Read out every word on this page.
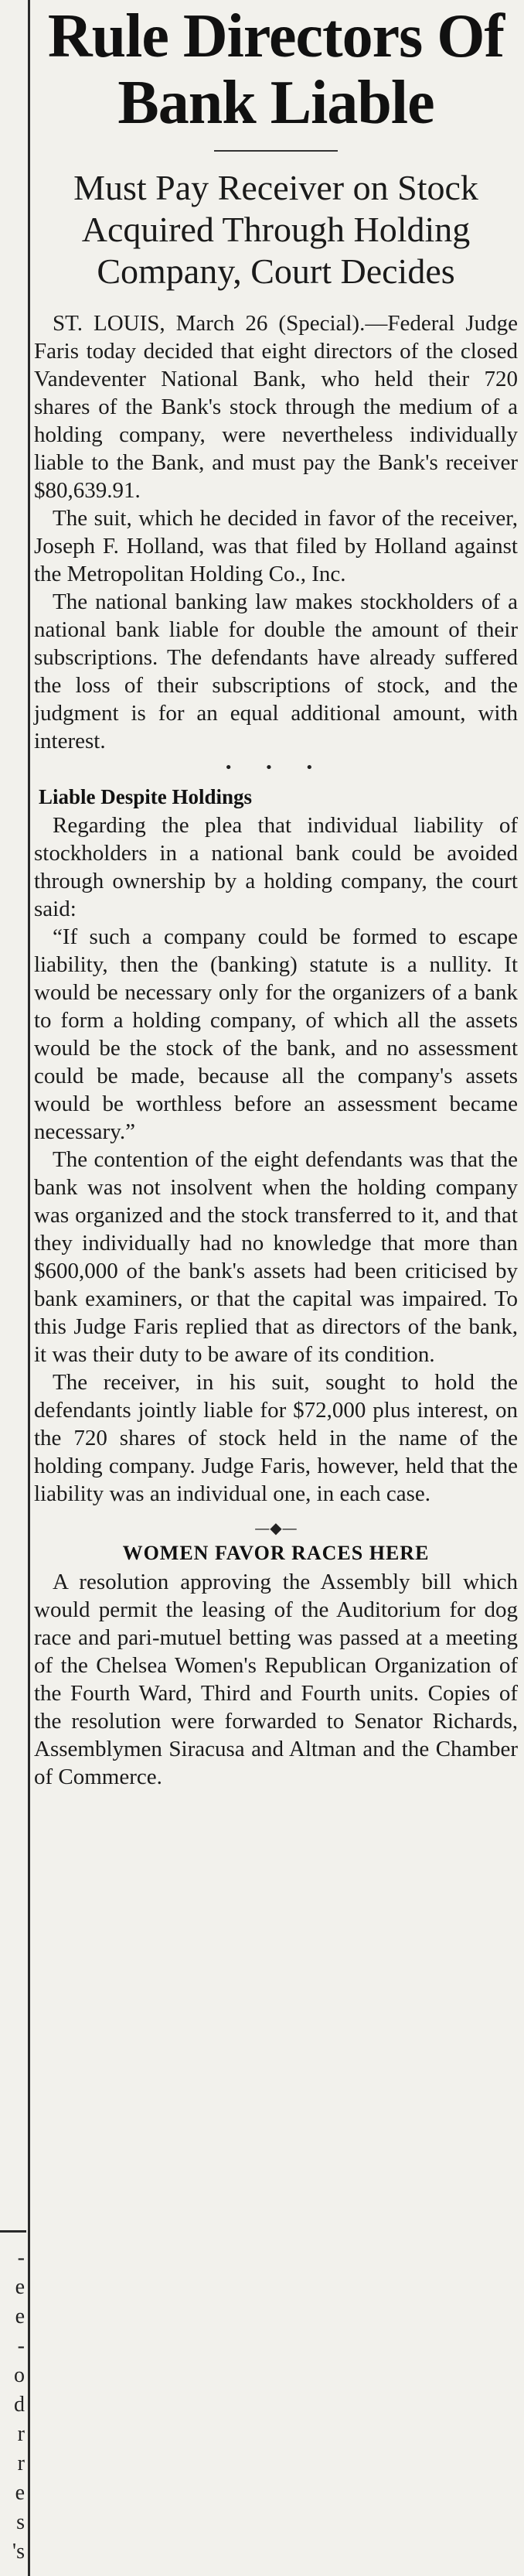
-
e
e
-
o
d
r
r
e
s
's
Rule Directors Of Bank Liable
Must Pay Receiver on Stock Acquired Through Holding Company, Court Decides

ST. LOUIS, March 26 (Special).—Federal Judge Faris today decided that eight directors of the closed Vandeventer National Bank, who held their 720 shares of the Bank's stock through the medium of a holding company, were nevertheless individually liable to the Bank, and must pay the Bank's receiver $80,639.91.

The suit, which he decided in favor of the receiver, Joseph F. Holland, was that filed by Holland against the Metropolitan Holding Co., Inc.

The national banking law makes stockholders of a national bank liable for double the amount of their subscriptions. The defendants have already suffered the loss of their subscriptions of stock, and the judgment is for an equal additional amount, with interest.

• • •
Liable Despite Holdings

Regarding the plea that individual liability of stockholders in a national bank could be avoided through ownership by a holding company, the court said:

“If such a company could be formed to escape liability, then the (banking) statute is a nullity. It would be necessary only for the organizers of a bank to form a holding company, of which all the assets would be the stock of the bank, and no assessment could be made, because all the company's assets would be worthless before an assessment became necessary.”

The contention of the eight defendants was that the bank was not insolvent when the holding company was organized and the stock transferred to it, and that they individually had no knowledge that more than $600,000 of the bank's assets had been criticised by bank examiners, or that the capital was impaired. To this Judge Faris replied that as directors of the bank, it was their duty to be aware of its condition.

The receiver, in his suit, sought to hold the defendants jointly liable for $72,000 plus interest, on the 720 shares of stock held in the name of the holding company. Judge Faris, however, held that the liability was an individual one, in each case.

—◆—
WOMEN FAVOR RACES HERE

A resolution approving the Assembly bill which would permit the leasing of the Auditorium for dog race and pari-mutuel betting was passed at a meeting of the Chelsea Women's Republican Organization of the Fourth Ward, Third and Fourth units. Copies of the resolution were forwarded to Senator Richards, Assemblymen Siracusa and Altman and the Chamber of Commerce.
